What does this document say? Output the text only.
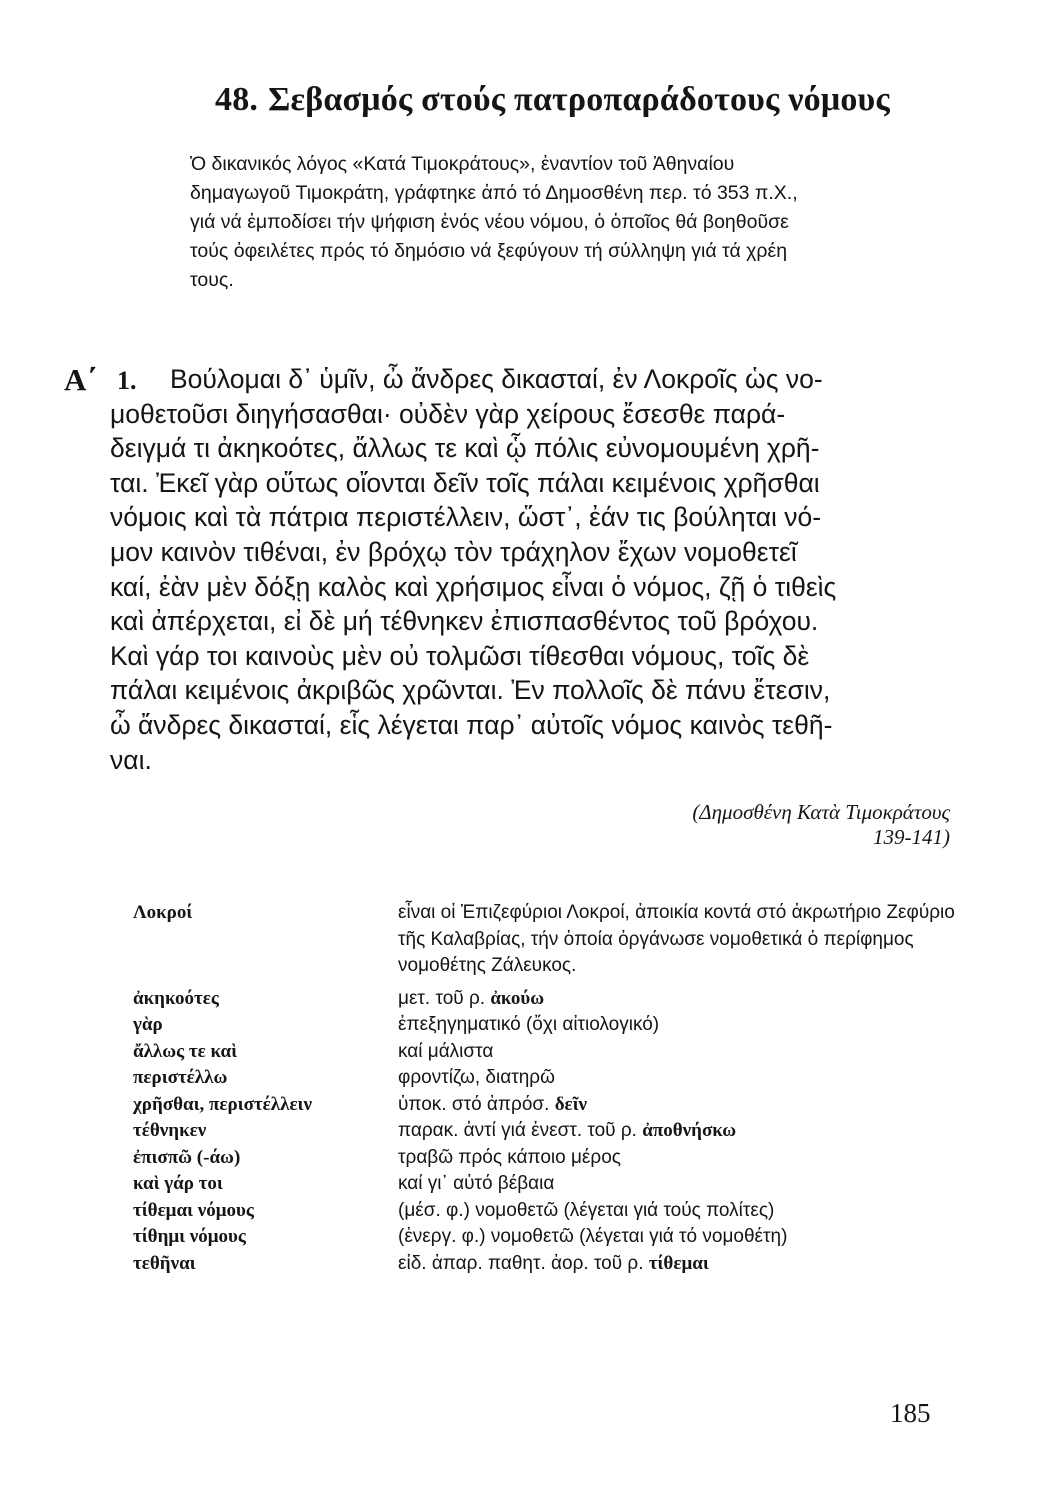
48. Σεβασμός στούς πατροπαράδοτους νόμους
Ὁ δικανικός λόγος «Κατά Τιμοκράτους», ἐναντίον τοῦ Ἀθηναίου
δημαγωγοῦ Τιμοκράτη, γράφτηκε ἀπό τό Δημοσθένη περ. τό 353 π.Χ.,
γιά νά ἐμποδίσει τήν ψήφιση ἑνός νέου νόμου, ὁ ὁποῖος θά βοηθοῦσε
τούς ὀφειλέτες πρός τό δημόσιο νά ξεφύγουν τή σύλληψη γιά τά χρέη
τους.
Α΄ 1.	Βούλομαι δ᾽ ὑμῖν, ὦ ἄνδρες δικασταί, ἐν Λοκροῖς ὡς νο-
μοθετοῦσι διηγήσασθαι· οὐδὲν γὰρ χείρους ἔσεσθε παρά-
δειγμά τι ἀκηκοότες, ἄλλως τε καὶ ᾧ πόλις εὐνομουμένη χρῆ-
ται. Ἐκεῖ γὰρ οὕτως οἴονται δεῖν τοῖς πάλαι κειμένοις χρῆσθαι
νόμοις καὶ τὰ πάτρια περιστέλλειν, ὥστ᾽, ἐάν τις βούληται νό-
μον καινὸν τιθέναι, ἐν βρόχῳ τὸν τράχηλον ἔχων νομοθετεῖ
καί, ἐὰν μὲν δόξῃ καλὸς καὶ χρήσιμος εἶναι ὁ νόμος, ζῇ ὁ τιθεὶς
καὶ ἀπέρχεται, εἰ δὲ μή τέθνηκεν ἐπισπασθέντος τοῦ βρόχου.
Καὶ γάρ τοι καινοὺς μὲν οὐ τολμῶσι τίθεσθαι νόμους, τοῖς δὲ
πάλαι κειμένοις ἀκριβῶς χρῶνται. Ἐν πολλοῖς δὲ πάνυ ἔτεσιν,
ὦ ἄνδρες δικασταί, εἷς λέγεται παρ᾽ αὐτοῖς νόμος καινὸς τεθῆ-
ναι.
(Δημοσθένη Κατὰ Τιμοκράτους 139-141)
Λοκροί	εἶναι οἱ Ἐπιζεφύριοι Λοκροί, ἀποικία κοντά στό ἀκρωτήριο Ζεφύριο τῆς Καλαβρίας, τήν ὁποία ὀργάνωσε νομοθετικά ὁ περίφημος νομοθέτης Ζάλευκος.
ἀκηκοότες	μετ. τοῦ ρ. ἀκούω
γὰρ	ἐπεξηγηματικό (ὄχι αἰτιολογικό)
ἄλλως τε καὶ	καί μάλιστα
περιστέλλω	φροντίζω, διατηρῶ
χρῆσθαι, περιστέλλειν	ὑποκ. στό ἀπρόσ. δεῖν
τέθνηκεν	παρακ. ἀντί γιά ἐνεστ. τοῦ ρ. ἀποθνήσκω
ἐπισπῶ (-άω)	τραβῶ πρός κάποιο μέρος
καὶ γάρ τοι	καί γι᾽ αὐτό βέβαια
τίθεμαι νόμους	(μέσ. φ.) νομοθετῶ (λέγεται γιά τούς πολίτες)
τίθημι νόμους	(ἐνεργ. φ.) νομοθετῶ (λέγεται γιά τό νομοθέτη)
τεθῆναι	εἰδ. ἀπαρ. παθητ. ἀορ. τοῦ ρ. τίθεμαι
185
